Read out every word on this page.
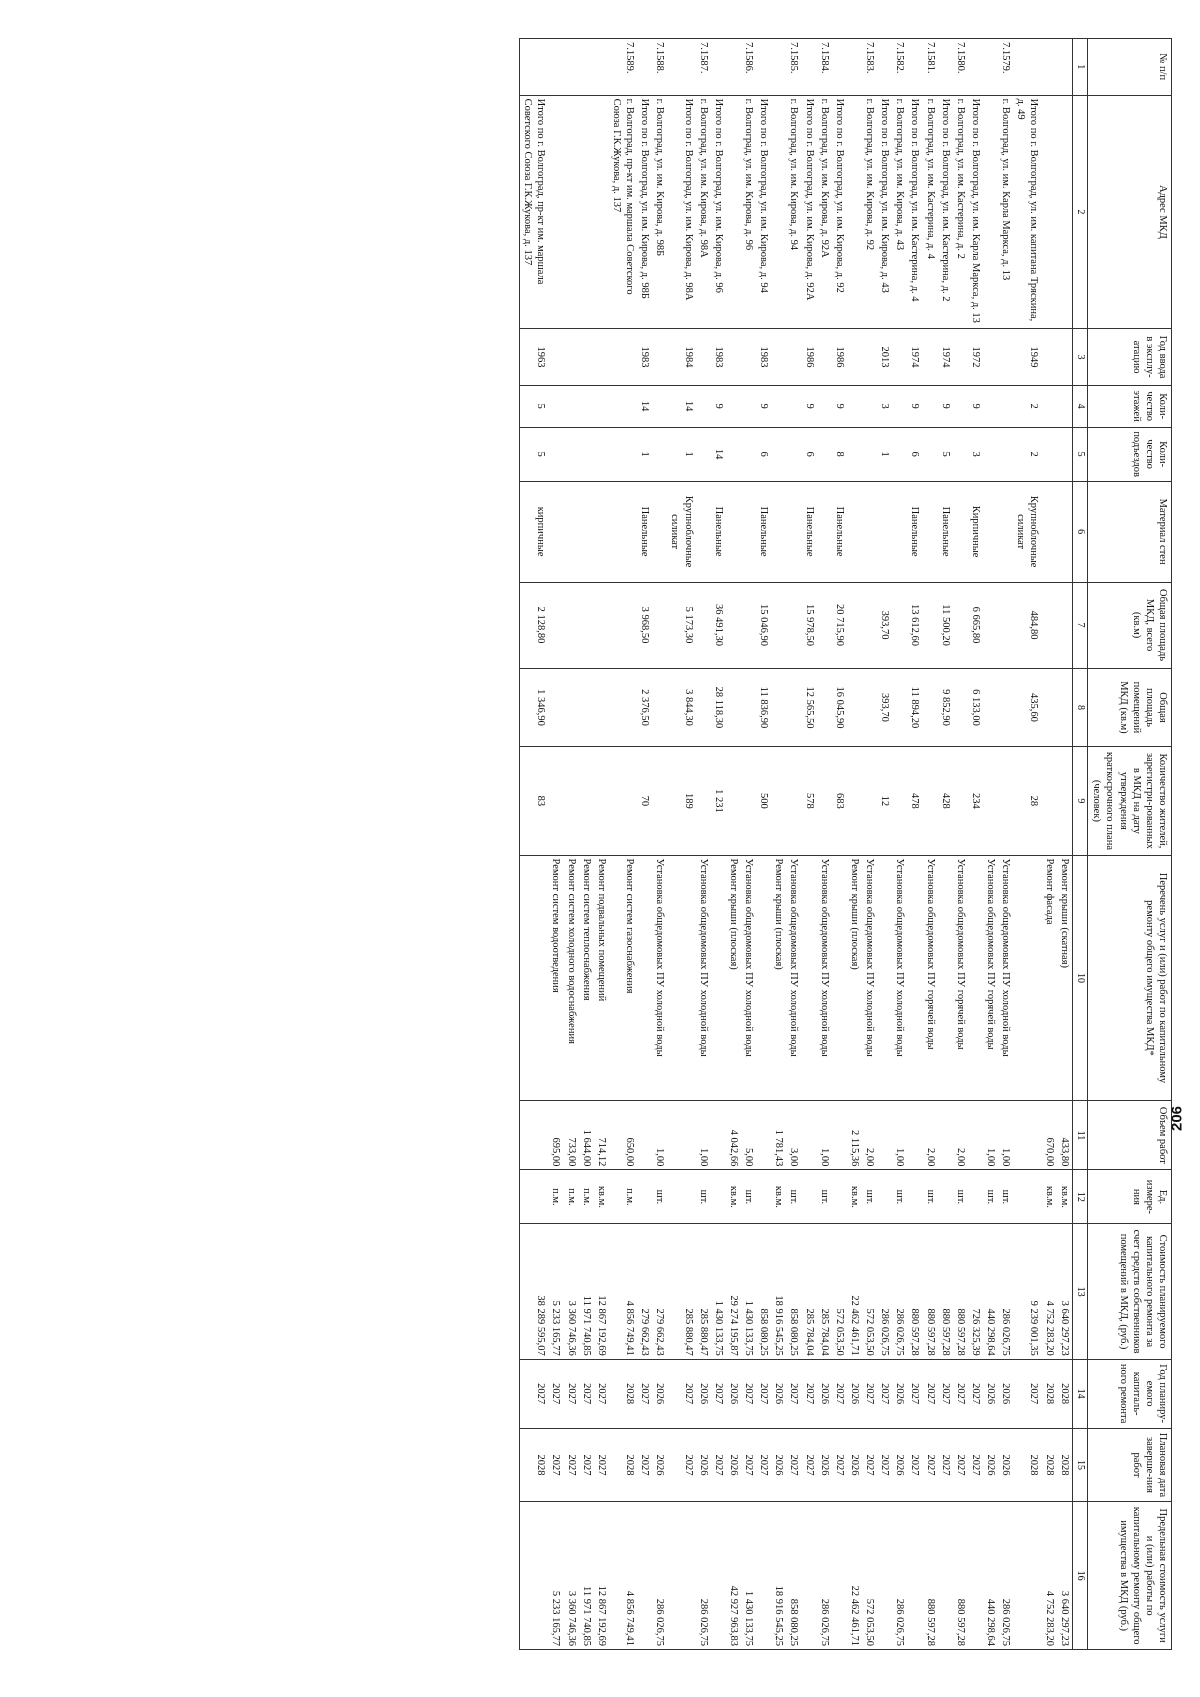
№ п/п	Адрес МКД	Год ввода в эксплу-атацию	Коли-чество этажей	Коли-чество подъездов	Материал стен	Общая площадь МКД, всего (кв.м)	Общая площадь помещений МКД (кв.м)	Количество жителей, зарегистри-рованных в МКД на дату утверждения краткосрочного плана (человек)	Перечень услуг и (или) работ по капитальному ремонту общего имущества МКД*	Объем работ	Ед. измере-ния	Стоимость планируемого капитального ремонта за счет средств собственников помещений в МКД, (руб.)	Год планиру-емого капиталь-ного ремонта	Плановая дата заверше-ния работ	Предельная стоимость услуги и (или) работы по капитальному ремонту общего имущества в МКД (руб.)
1	2	3	4	5	6	7	8	9	10	11	12	13	14	15	16
									Ремонт крыши (скатная)	433,80	кв.м.	3 640 297,23	2028	2028	3 640 297,23
									Ремонт фасада	670,00	кв.м.	4 752 283,20	2028	2028	4 752 283,20
	Итого по г. Волгоград, ул. им. капитана Тряскина, д. 49	1949	2	2	Крупноблочные силикат	484,80	435,60	28				9 239 001,35	2027	2028	
7.1579.	г. Волгоград, ул. им. Карла Маркса, д. 13								Установка общедомовых ПУ холодной воды	1,00	шт.	286 026,75	2026	2026	286 026,75
									Установка общедомовых ПУ горячей воды	1,00	шт.	440 298,64	2026	2026	440 298,64
	Итого по г. Волгоград, ул. им. Карла Маркса, д. 13	1972	9	3	Кирпичные	6 665,80	6 133,00	234				726 325,39	2027	2027	
7.1580.	г. Волгоград, ул. им. Кастерина, д. 2								Установка общедомовых ПУ горячей воды	2,00	шт.	880 597,28	2027	2027	880 597,28
	Итого по г. Волгоград, ул. им. Кастерина, д. 2	1974	9	5	Панельные	11 500,20	9 852,90	428				880 597,28	2027	2027	
7.1581.	г. Волгоград, ул. им. Кастерина, д. 4								Установка общедомовых ПУ горячей воды	2,00	шт.	880 597,28	2027	2027	880 597,28
	Итого по г. Волгоград, ул. им. Кастерина, д. 4	1974	9	6	Панельные	13 612,60	11 894,20	478				880 597,28	2027	2027	
7.1582.	г. Волгоград, ул. им. Кирова, д. 43								Установка общедомовых ПУ холодной воды	1,00	шт.	286 026,75	2026	2026	286 026,75
	Итого по г. Волгоград, ул. им. Кирова, д. 43	2013	3	1		393,70	393,70	12				286 026,75	2027	2027	
7.1583.	г. Волгоград, ул. им. Кирова, д. 92								Установка общедомовых ПУ холодной воды	2,00	шт.	572 053,50	2027	2027	572 053,50
									Ремонт крыши (плоская)	2 115,36	кв.м.	22 462 461,71	2026	2026	22 462 461,71
	Итого по г. Волгоград, ул. им. Кирова, д. 92	1986	9	8	Панельные	20 715,90	16 045,90	683				572 053,50	2027	2027	
7.1584.	г. Волгоград, ул. им. Кирова, д. 92А								Установка общедомовых ПУ холодной воды	1,00	шт.	285 784,04	2026	2026	286 026,75
	Итого по г. Волгоград, ул. им. Кирова, д. 92А	1986	9	6	Панельные	15 978,50	12 565,50	578				285 784,04	2027	2027	
7.1585.	г. Волгоград, ул. им. Кирова, д. 94								Установка общедомовых ПУ холодной воды	3,00	шт.	858 080,25	2027	2027	858 080,25
									Ремонт крыши (плоская)	1 781,43	кв.м.	18 916 545,25	2026	2026	18 916 545,25
	Итого по г. Волгоград, ул. им. Кирова, д. 94	1983	9	6	Панельные	15 046,90	11 836,90	500				858 080,25	2027	2027	
7.1586.	г. Волгоград, ул. им. Кирова, д. 96								Установка общедомовых ПУ холодной воды	5,00	шт.	1 430 133,75	2027	2027	1 430 133,75
									Ремонт крыши (плоская)	4 042,66	кв.м.	29 274 195,87	2026	2026	42 927 963,83
	Итого по г. Волгоград, ул. им. Кирова, д. 96	1983	9	14	Панельные	36 491,30	28 118,30	1 231				1 430 133,75	2027	2027	
7.1587.	г. Волгоград, ул. им. Кирова, д. 98А								Установка общедомовых ПУ холодной воды	1,00	шт.	285 880,47	2026	2026	286 026,75
	Итого по г. Волгоград, ул. им. Кирова, д. 98А	1984	14	1	Крупноблочные силикат	5 173,30	3 844,30	189				285 880,47	2027	2027	
7.1588.	г. Волгоград, ул. им. Кирова, д. 98Б								Установка общедомовых ПУ холодной воды	1,00	шт.	279 662,43	2026	2026	286 026,75
	Итого по г. Волгоград, ул. им. Кирова, д. 98Б	1983	14	1	Панельные	3 968,50	2 376,50	70				279 662,43	2027	2027	
7.1589.	г. Волгоград, пр-кт им. маршала Советского Союза Г.К.Жукова, д. 137								Ремонт систем газоснабжения	650,00	п.м.	4 856 749,41	2028	2028	4 856 749,41
									Ремонт подвальных помещений	714,12	кв.м.	12 867 192,69	2027	2027	12 867 192,69
									Ремонт систем теплоснабжения	1 644,00	п.м.	11 971 740,85	2027	2027	11 971 740,85
									Ремонт систем холодного водоснабжения	733,00	п.м.	3 360 746,36	2027	2027	3 360 746,36
									Ремонт систем водоотведения	695,00	п.м.	5 233 165,77	2027	2027	5 233 165,77
	Итого по г. Волгоград, пр-кт им. маршала Советского Союза Г.К.Жукова, д. 137	1963	5	5	кирпичные	2 128,80	1 346,90	83				38 289 595,07	2027	2028	
206
